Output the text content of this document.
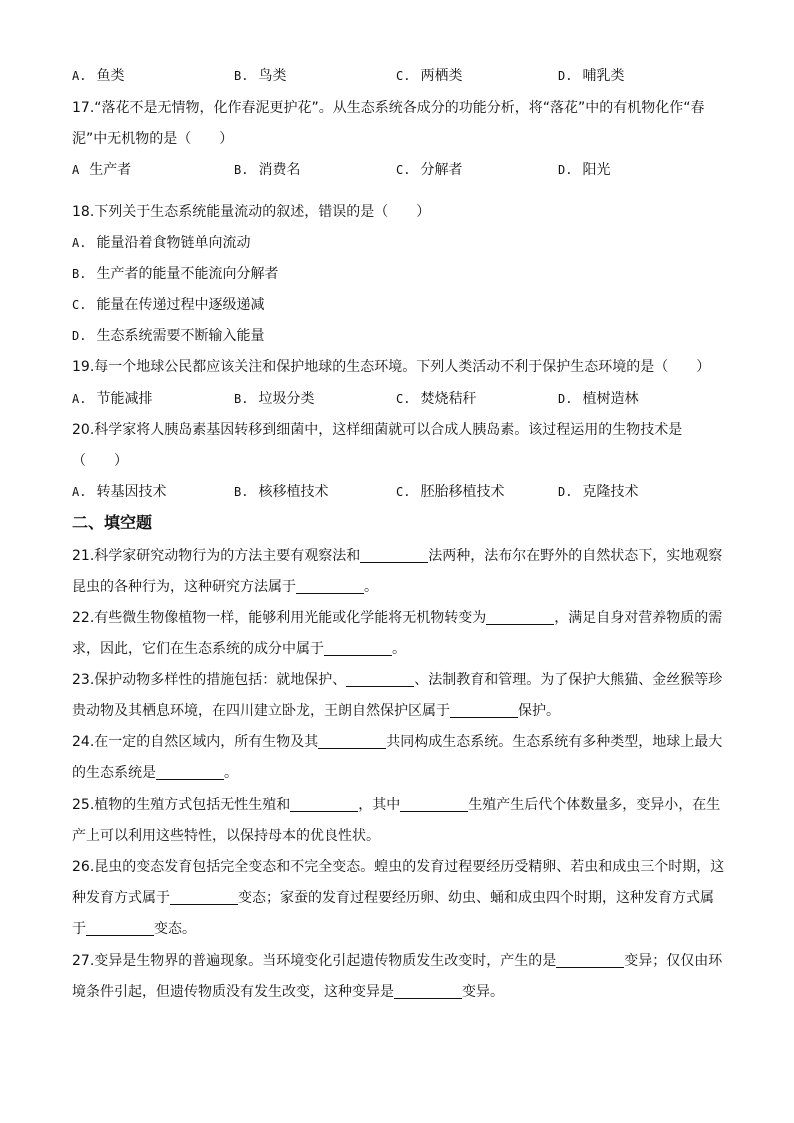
A. 鱼类	B. 鸟类	C. 两栖类	D. 哺乳类
17.“落花不是无情物，化作春泥更护花”。从生态系统各成分的功能分析，将“落花”中的有机物化作“春
泥”中无机物的是（　　）
A 生产者	B. 消费名	C. 分解者	D. 阳光
18.下列关于生态系统能量流动的叙述，错误的是（　　）
A. 能量沿着食物链单向流动
B. 生产者的能量不能流向分解者
C. 能量在传递过程中逐级递减
D. 生态系统需要不断输入能量
19.每一个地球公民都应该关注和保护地球的生态环境。下列人类活动不利于保护生态环境的是（　　）
A. 节能减排	B. 垃圾分类	C. 焚烧秸秆	D. 植树造林
20.科学家将人胰岛素基因转移到细菌中，这样细菌就可以合成人胰岛素。该过程运用的生物技术是
（　　）
A. 转基因技术	B. 核移植技术	C. 胚胎移植技术	D. 克隆技术
二、填空题
21.科学家研究动物行为的方法主要有观察法和	法两种，法布尔在野外的自然状态下，实地观察
昆虫的各种行为，这种研究方法属于	。
22.有些微生物像植物一样，能够利用光能或化学能将无机物转变为	，满足自身对营养物质的需
求，因此，它们在生态系统的成分中属于	。
23.保护动物多样性的措施包括：就地保护、	、法制教育和管理。为了保护大熊猫、金丝猴等珍
贵动物及其栖息环境，在四川建立卧龙，王朗自然保护区属于	保护。
24.在一定的自然区域内，所有生物及其	共同构成生态系统。生态系统有多种类型，地球上最大
的生态系统是	。
25.植物的生殖方式包括无性生殖和	，其中	生殖产生后代个体数量多，变异小，在生
产上可以利用这些特性，以保持母本的优良性状。
26.昆虫的变态发育包括完全变态和不完全变态。蝗虫的发育过程要经历受精卵、若虫和成虫三个时期，这
种发育方式属于	变态；家蚕的发育过程要经历卵、幼虫、蛹和成虫四个时期，这种发育方式属
于	变态。
27.变异是生物界的普遍现象。当环境变化引起遗传物质发生改变时，产生的是	变异；仅仅由环
境条件引起，但遗传物质没有发生改变，这种变异是	变异。
